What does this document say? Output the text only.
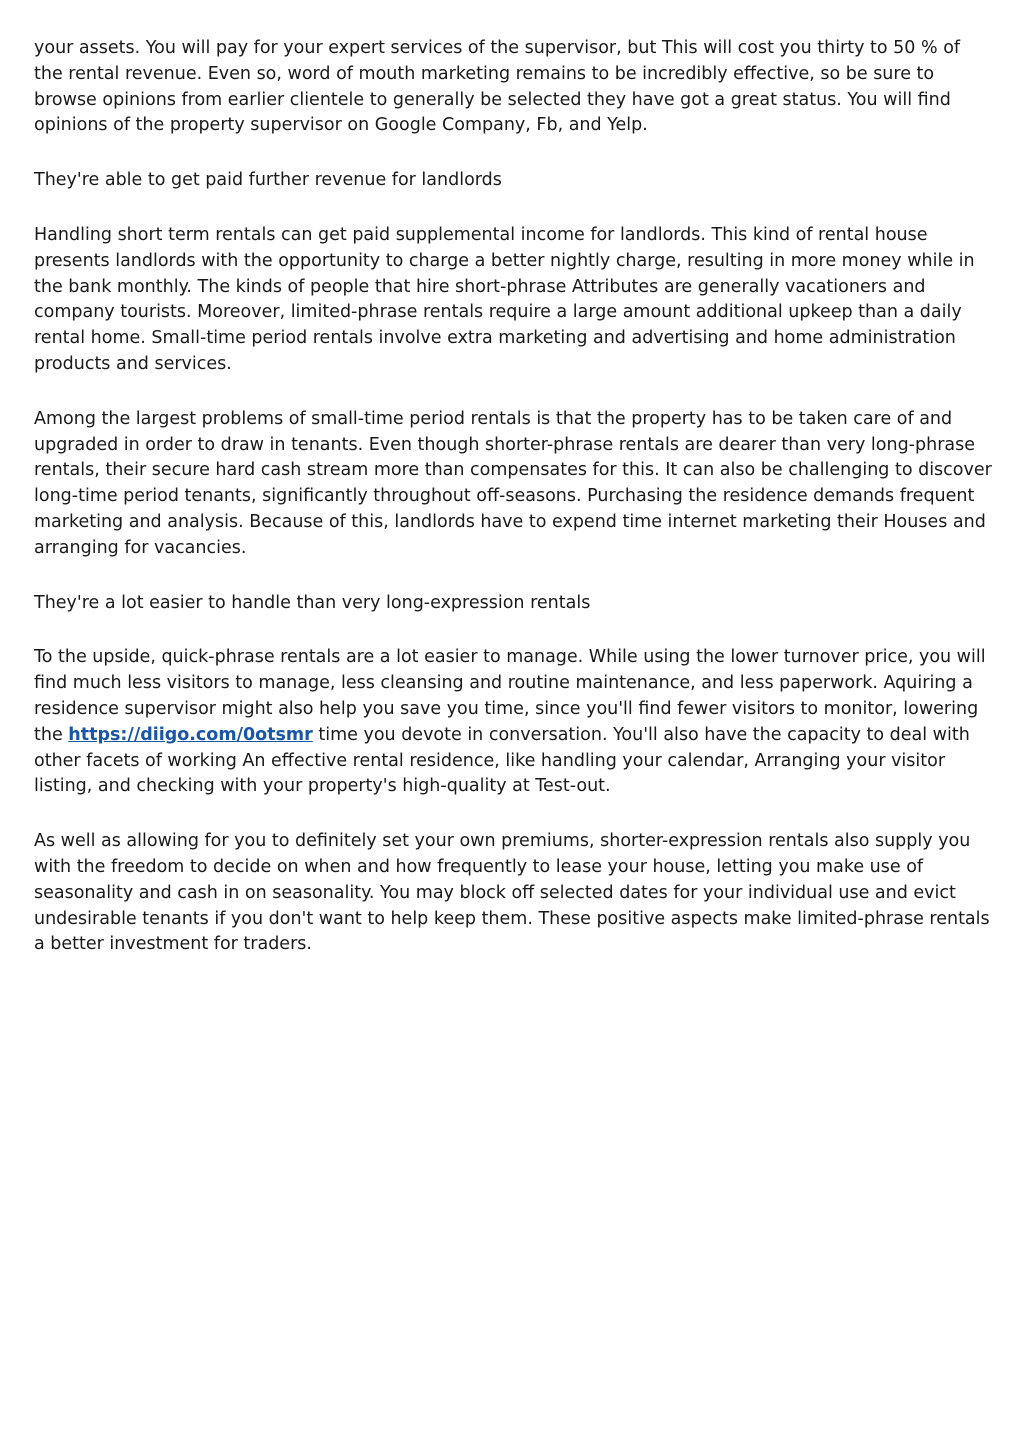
your assets. You will pay for your expert services of the supervisor, but This will cost you thirty to 50 % of the rental revenue. Even so, word of mouth marketing remains to be incredibly effective, so be sure to browse opinions from earlier clientele to generally be selected they have got a great status. You will find opinions of the property supervisor on Google Company, Fb, and Yelp.

They're able to get paid further revenue for landlords

Handling short term rentals can get paid supplemental income for landlords. This kind of rental house presents landlords with the opportunity to charge a better nightly charge, resulting in more money while in the bank monthly. The kinds of people that hire short-phrase Attributes are generally vacationers and company tourists. Moreover, limited-phrase rentals require a large amount additional upkeep than a daily rental home. Small-time period rentals involve extra marketing and advertising and home administration products and services.

Among the largest problems of small-time period rentals is that the property has to be taken care of and upgraded in order to draw in tenants. Even though shorter-phrase rentals are dearer than very long-phrase rentals, their secure hard cash stream more than compensates for this. It can also be challenging to discover long-time period tenants, significantly throughout off-seasons. Purchasing the residence demands frequent marketing and analysis. Because of this, landlords have to expend time internet marketing their Houses and arranging for vacancies.

They're a lot easier to handle than very long-expression rentals

To the upside, quick-phrase rentals are a lot easier to manage. While using the lower turnover price, you will find much less visitors to manage, less cleansing and routine maintenance, and less paperwork. Aquiring a residence supervisor might also help you save you time, since you'll find fewer visitors to monitor, lowering the https://diigo.com/0otsmr time you devote in conversation. You'll also have the capacity to deal with other facets of working An effective rental residence, like handling your calendar, Arranging your visitor listing, and checking with your property's high-quality at Test-out.

As well as allowing for you to definitely set your own premiums, shorter-expression rentals also supply you with the freedom to decide on when and how frequently to lease your house, letting you make use of seasonality and cash in on seasonality. You may block off selected dates for your individual use and evict undesirable tenants if you don't want to help keep them. These positive aspects make limited-phrase rentals a better investment for traders.
